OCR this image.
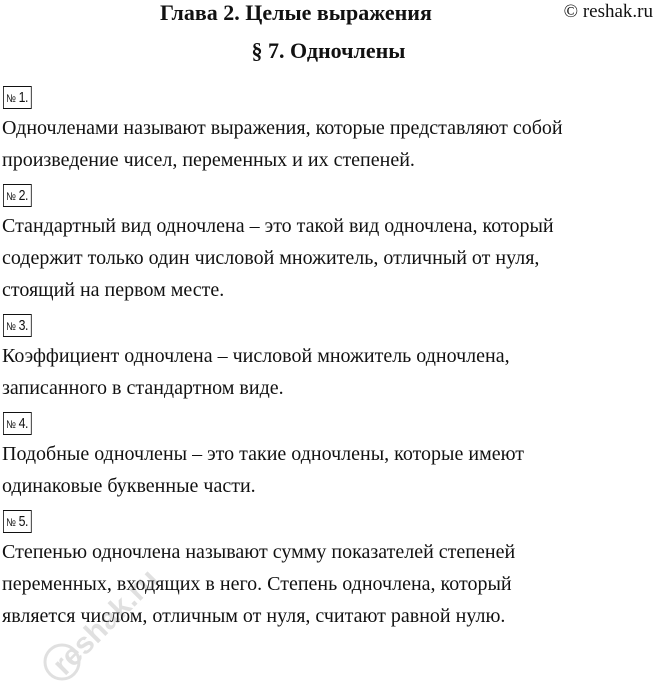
Глава 2. Целые выражения	© reshak.ru
§ 7. Одночлены
№ 1.
Одночленами называют выражения, которые представляют собой
произведение чисел, переменных и их степеней.
№ 2.
Стандартный вид одночлена – это такой вид одночлена, который
содержит только один числовой множитель, отличный от нуля,
стоящий на первом месте.
№ 3.
Коэффициент одночлена – числовой множитель одночлена,
записанного в стандартном виде.
№ 4.
Подобные одночлены – это такие одночлены, которые имеют
одинаковые буквенные части.
№ 5.
Степенью одночлена называют сумму показателей степеней
переменных, входящих в него. Степень одночлена, который
является числом, отличным от нуля, считают равной нулю.
reshak.ru
